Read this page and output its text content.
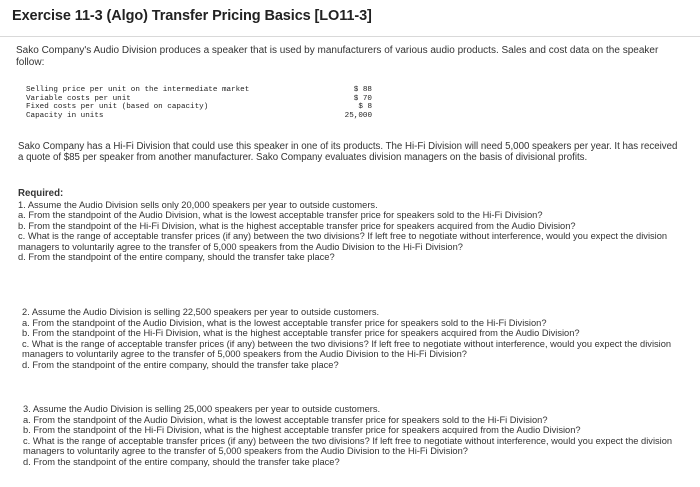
Exercise 11-3 (Algo) Transfer Pricing Basics [LO11-3]
Sako Company's Audio Division produces a speaker that is used by manufacturers of various audio products. Sales and cost data on the speaker follow:
Selling price per unit on the intermediate market
Variable costs per unit
Fixed costs per unit (based on capacity)
Capacity in units
$ 88
$ 70
$ 8
25,000
Sako Company has a Hi-Fi Division that could use this speaker in one of its products. The Hi-Fi Division will need 5,000 speakers per year. It has received a quote of $85 per speaker from another manufacturer. Sako Company evaluates division managers on the basis of divisional profits.
Required:
1. Assume the Audio Division sells only 20,000 speakers per year to outside customers.
a. From the standpoint of the Audio Division, what is the lowest acceptable transfer price for speakers sold to the Hi-Fi Division?
b. From the standpoint of the Hi-Fi Division, what is the highest acceptable transfer price for speakers acquired from the Audio Division?
c. What is the range of acceptable transfer prices (if any) between the two divisions? If left free to negotiate without interference, would you expect the division managers to voluntarily agree to the transfer of 5,000 speakers from the Audio Division to the Hi-Fi Division?
d. From the standpoint of the entire company, should the transfer take place?
2. Assume the Audio Division is selling 22,500 speakers per year to outside customers.
a. From the standpoint of the Audio Division, what is the lowest acceptable transfer price for speakers sold to the Hi-Fi Division?
b. From the standpoint of the Hi-Fi Division, what is the highest acceptable transfer price for speakers acquired from the Audio Division?
c. What is the range of acceptable transfer prices (if any) between the two divisions? If left free to negotiate without interference, would you expect the division managers to voluntarily agree to the transfer of 5,000 speakers from the Audio Division to the Hi-Fi Division?
d. From the standpoint of the entire company, should the transfer take place?
3. Assume the Audio Division is selling 25,000 speakers per year to outside customers.
a. From the standpoint of the Audio Division, what is the lowest acceptable transfer price for speakers sold to the Hi-Fi Division?
b. From the standpoint of the Hi-Fi Division, what is the highest acceptable transfer price for speakers acquired from the Audio Division?
c. What is the range of acceptable transfer prices (if any) between the two divisions? If left free to negotiate without interference, would you expect the division managers to voluntarily agree to the transfer of 5,000 speakers from the Audio Division to the Hi-Fi Division?
d. From the standpoint of the entire company, should the transfer take place?
